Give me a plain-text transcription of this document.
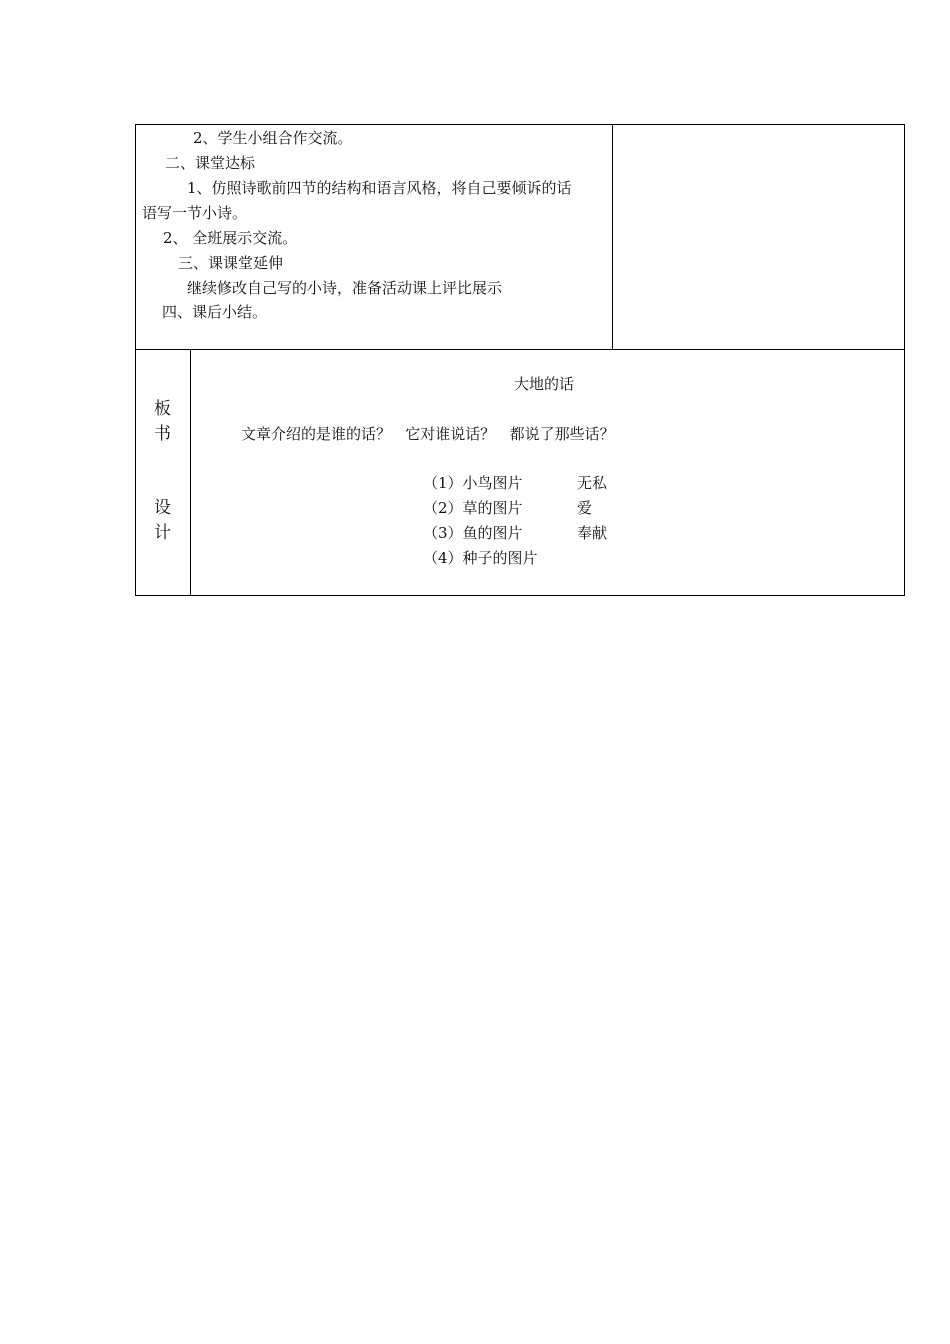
2、学生小组合作交流。
二、课堂达标
1、仿照诗歌前四节的结构和语言风格，将自己要倾诉的话
语写一节小诗。
2、 全班展示交流。
三、课课堂延伸
继续修改自己写的小诗，准备活动课上评比展示
四、课后小结。
板
书
设
计
大地的话
文章介绍的是谁的话？   它对谁说话？   都说了那些话？
（1）小鸟图片	无私
（2）草的图片	爱
（3）鱼的图片	奉献
（4）种子的图片
